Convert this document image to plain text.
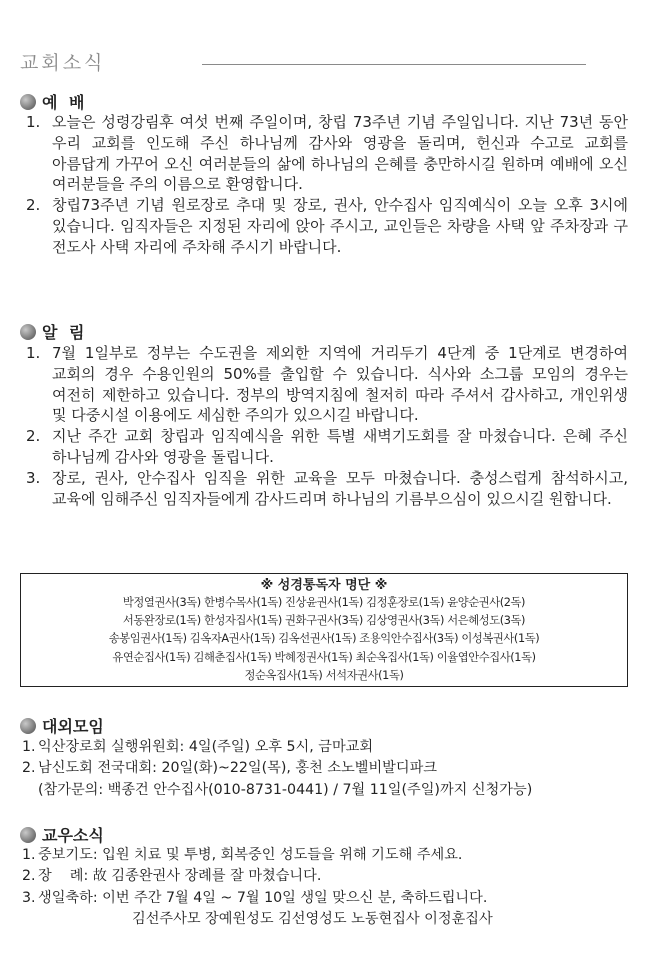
교회소식
예 배
1. 오늘은 성령강림후 여섯 번째 주일이며, 창립 73주년 기념 주일입니다. 지난 73년 동안 우리 교회를 인도해 주신 하나님께 감사와 영광을 돌리며, 헌신과 수고로 교회를 아름답게 가꾸어 오신 여러분들의 삶에 하나님의 은혜를 충만하시길 원하며 예배에 오신 여러분들을 주의 이름으로 환영합니다.
2. 창립73주년 기념 원로장로 추대 및 장로, 권사, 안수집사 임직예식이 오늘 오후 3시에 있습니다. 임직자들은 지정된 자리에 앉아 주시고, 교인들은 차량을 사택 앞 주차장과 구 전도사 사택 자리에 주차해 주시기 바랍니다.
알 림
1. 7월 1일부로 정부는 수도권을 제외한 지역에 거리두기 4단계 중 1단계로 변경하여 교회의 경우 수용인원의 50%를 출입할 수 있습니다. 식사와 소그룹 모임의 경우는 여전히 제한하고 있습니다. 정부의 방역지침에 철저히 따라 주셔서 감사하고, 개인위생 및 다중시설 이용에도 세심한 주의가 있으시길 바랍니다.
2. 지난 주간 교회 창립과 임직예식을 위한 특별 새벽기도회를 잘 마쳤습니다. 은혜 주신 하나님께 감사와 영광을 돌립니다.
3. 장로, 권사, 안수집사 임직을 위한 교육을 모두 마쳤습니다. 충성스럽게 참석하시고, 교육에 임해주신 임직자들에게 감사드리며 하나님의 기름부으심이 있으시길 원합니다.
※ 성경통독자 명단 ※
박정열권사(3독) 한병수목사(1독) 진상윤권사(1독) 김정훈장로(1독) 윤양순권사(2독)
서동완장로(1독) 한성자집사(1독) 권화구권사(3독) 김상영권사(3독) 서은혜성도(3독)
송봉임권사(1독) 김옥자A권사(1독) 김옥선권사(1독) 조용익안수집사(3독) 이성복권사(1독)
유연순집사(1독) 김해춘집사(1독) 박혜정권사(1독) 최순옥집사(1독) 이율엽안수집사(1독)
정순옥집사(1독) 서석자권사(1독)
대외모임
1. 익산장로회 실행위원회: 4일(주일) 오후 5시, 금마교회
2. 남신도회 전국대회: 20일(화)~22일(목), 홍천 소노벨비발디파크
(참가문의: 백종건 안수집사(010-8731-0441) / 7월 11일(주일)까지 신청가능)
교우소식
1. 중보기도: 입원 치료 및 투병, 회복중인 성도들을 위해 기도해 주세요.
2. 장    례: 故 김종완권사 장례를 잘 마쳤습니다.
3. 생일축하: 이번 주간 7월 4일 ~ 7월 10일 생일 맞으신 분, 축하드립니다.
김선주사모 장예원성도 김선영성도 노동현집사 이정훈집사
